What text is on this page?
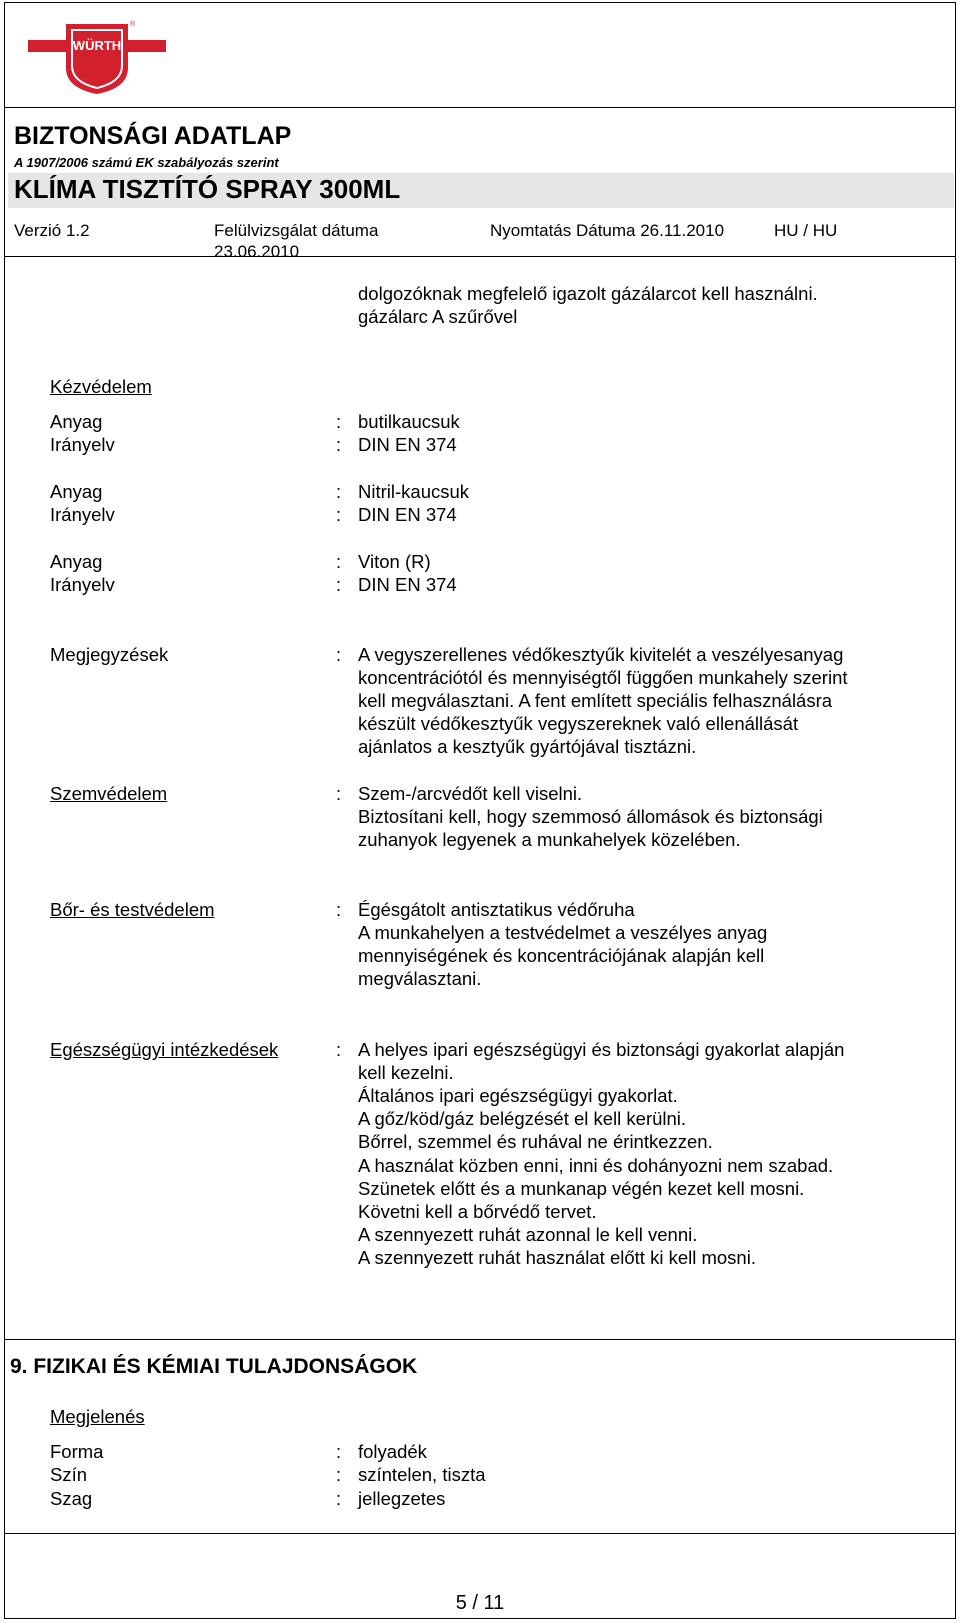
WÜRTH
®
BIZTONSÁGI ADATLAP
A 1907/2006 számú EK szabályozás szerint
KLÍMA TISZTÍTÓ SPRAY 300ML
Verzió 1.2	Felülvizsgálat dátuma
23.06.2010
Nyomtatás Dátuma 26.11.2010	HU / HU
dolgozóknak megfelelő igazolt gázálarcot kell használni.
gázálarc A szűrővel
Kézvédelem
Anyag	: butilkaucsuk
Irányelv	: DIN EN 374
Anyag	: Nitril-kaucsuk
Irányelv	: DIN EN 374
Anyag	: Viton (R)
Irányelv	: DIN EN 374
Megjegyzések	: A vegyszerellenes védőkesztyűk kivitelét a veszélyesanyag
koncentrációtól és mennyiségtől függően munkahely szerint
kell megválasztani. A fent említett speciális felhasználásra
készült védőkesztyűk vegyszereknek való ellenállását
ajánlatos a kesztyűk gyártójával tisztázni.
Szemvédelem	: Szem-/arcvédőt kell viselni.
Biztosítani kell, hogy szemmosó állomások és biztonsági
zuhanyok legyenek a munkahelyek közelében.
Bőr- és testvédelem	: Égésgátolt antisztatikus védőruha
A munkahelyen a testvédelmet a veszélyes anyag
mennyiségének és koncentrációjának alapján kell
megválasztani.
Egészségügyi intézkedések	: A helyes ipari egészségügyi és biztonsági gyakorlat alapján
kell kezelni.
Általános ipari egészségügyi gyakorlat.
A gőz/köd/gáz belégzését el kell kerülni.
Bőrrel, szemmel és ruhával ne érintkezzen.
A használat közben enni, inni és dohányozni nem szabad.
Szünetek előtt és a munkanap végén kezet kell mosni.
Követni kell a bőrvédő tervet.
A szennyezett ruhát azonnal le kell venni.
A szennyezett ruhát használat előtt ki kell mosni.
9. FIZIKAI ÉS KÉMIAI TULAJDONSÁGOK
Megjelenés
Forma	: folyadék
Szín	: színtelen, tiszta
Szag	: jellegzetes
5 / 11
